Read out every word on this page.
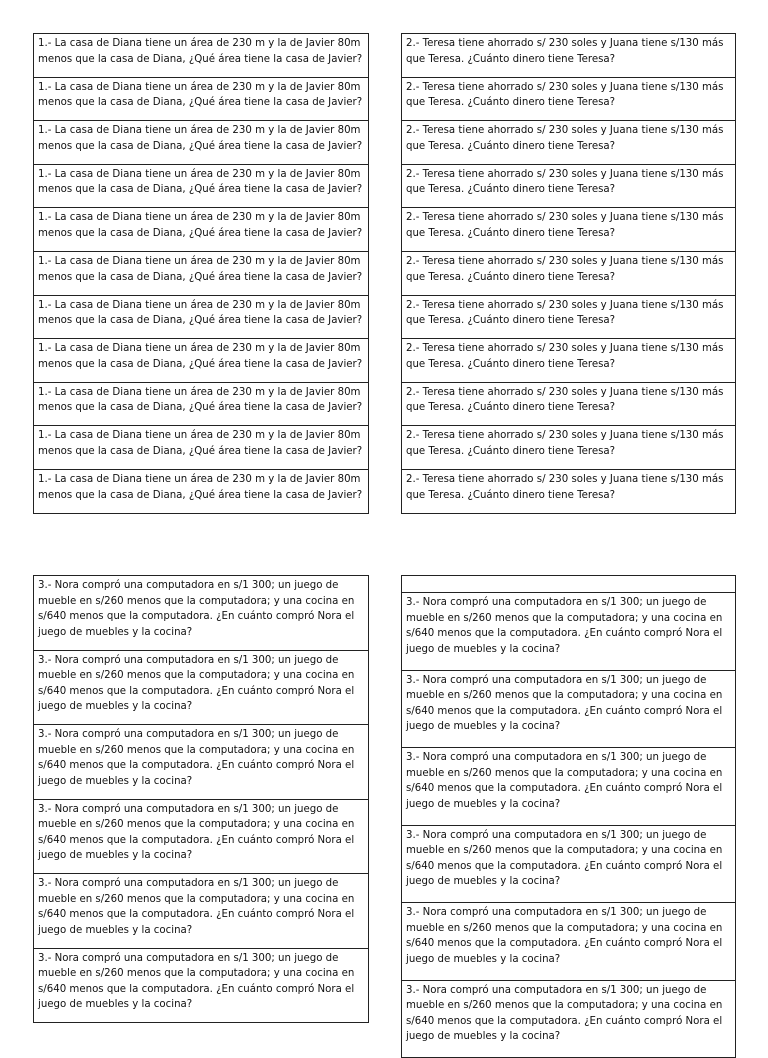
1.- La casa de Diana tiene un área de 230 m y la de Javier 80m menos que la casa de Diana, ¿Qué área tiene la casa de Javier?
1.- La casa de Diana tiene un área de 230 m y la de Javier 80m menos que la casa de Diana, ¿Qué área tiene la casa de Javier?
1.- La casa de Diana tiene un área de 230 m y la de Javier 80m menos que la casa de Diana, ¿Qué área tiene la casa de Javier?
1.- La casa de Diana tiene un área de 230 m y la de Javier 80m menos que la casa de Diana, ¿Qué área tiene la casa de Javier?
1.- La casa de Diana tiene un área de 230 m y la de Javier 80m menos que la casa de Diana, ¿Qué área tiene la casa de Javier?
1.- La casa de Diana tiene un área de 230 m y la de Javier 80m menos que la casa de Diana, ¿Qué área tiene la casa de Javier?
1.- La casa de Diana tiene un área de 230 m y la de Javier 80m menos que la casa de Diana, ¿Qué área tiene la casa de Javier?
1.- La casa de Diana tiene un área de 230 m y la de Javier 80m menos que la casa de Diana, ¿Qué área tiene la casa de Javier?
1.- La casa de Diana tiene un área de 230 m y la de Javier 80m menos que la casa de Diana, ¿Qué área tiene la casa de Javier?
1.- La casa de Diana tiene un área de 230 m y la de Javier 80m menos que la casa de Diana, ¿Qué área tiene la casa de Javier?
1.- La casa de Diana tiene un área de 230 m y la de Javier 80m menos que la casa de Diana, ¿Qué área tiene la casa de Javier?
2.- Teresa tiene ahorrado s/ 230 soles y Juana tiene s/130 más que Teresa. ¿Cuánto dinero tiene Teresa?
2.- Teresa tiene ahorrado s/ 230 soles y Juana tiene s/130 más que Teresa. ¿Cuánto dinero tiene Teresa?
2.- Teresa tiene ahorrado s/ 230 soles y Juana tiene s/130 más que Teresa. ¿Cuánto dinero tiene Teresa?
2.- Teresa tiene ahorrado s/ 230 soles y Juana tiene s/130 más que Teresa. ¿Cuánto dinero tiene Teresa?
2.- Teresa tiene ahorrado s/ 230 soles y Juana tiene s/130 más que Teresa. ¿Cuánto dinero tiene Teresa?
2.- Teresa tiene ahorrado s/ 230 soles y Juana tiene s/130 más que Teresa. ¿Cuánto dinero tiene Teresa?
2.- Teresa tiene ahorrado s/ 230 soles y Juana tiene s/130 más que Teresa. ¿Cuánto dinero tiene Teresa?
2.- Teresa tiene ahorrado s/ 230 soles y Juana tiene s/130 más que Teresa. ¿Cuánto dinero tiene Teresa?
2.- Teresa tiene ahorrado s/ 230 soles y Juana tiene s/130 más que Teresa. ¿Cuánto dinero tiene Teresa?
2.- Teresa tiene ahorrado s/ 230 soles y Juana tiene s/130 más que Teresa. ¿Cuánto dinero tiene Teresa?
2.- Teresa tiene ahorrado s/ 230 soles y Juana tiene s/130 más que Teresa. ¿Cuánto dinero tiene Teresa?
3.- Nora compró una computadora en s/1 300; un juego de mueble en s/260 menos que la computadora; y una cocina en s/640 menos que la computadora. ¿En cuánto compró Nora el juego de muebles y la cocina?
3.- Nora compró una computadora en s/1 300; un juego de mueble en s/260 menos que la computadora; y una cocina en s/640 menos que la computadora. ¿En cuánto compró Nora el juego de muebles y la cocina?
3.- Nora compró una computadora en s/1 300; un juego de mueble en s/260 menos que la computadora; y una cocina en s/640 menos que la computadora. ¿En cuánto compró Nora el juego de muebles y la cocina?
3.- Nora compró una computadora en s/1 300; un juego de mueble en s/260 menos que la computadora; y una cocina en s/640 menos que la computadora. ¿En cuánto compró Nora el juego de muebles y la cocina?
3.- Nora compró una computadora en s/1 300; un juego de mueble en s/260 menos que la computadora; y una cocina en s/640 menos que la computadora. ¿En cuánto compró Nora el juego de muebles y la cocina?
3.- Nora compró una computadora en s/1 300; un juego de mueble en s/260 menos que la computadora; y una cocina en s/640 menos que la computadora. ¿En cuánto compró Nora el juego de muebles y la cocina?
3.- Nora compró una computadora en s/1 300; un juego de mueble en s/260 menos que la computadora; y una cocina en s/640 menos que la computadora. ¿En cuánto compró Nora el juego de muebles y la cocina?
3.- Nora compró una computadora en s/1 300; un juego de mueble en s/260 menos que la computadora; y una cocina en s/640 menos que la computadora. ¿En cuánto compró Nora el juego de muebles y la cocina?
3.- Nora compró una computadora en s/1 300; un juego de mueble en s/260 menos que la computadora; y una cocina en s/640 menos que la computadora. ¿En cuánto compró Nora el juego de muebles y la cocina?
3.- Nora compró una computadora en s/1 300; un juego de mueble en s/260 menos que la computadora; y una cocina en s/640 menos que la computadora. ¿En cuánto compró Nora el juego de muebles y la cocina?
3.- Nora compró una computadora en s/1 300; un juego de mueble en s/260 menos que la computadora; y una cocina en s/640 menos que la computadora. ¿En cuánto compró Nora el juego de muebles y la cocina?
3.- Nora compró una computadora en s/1 300; un juego de mueble en s/260 menos que la computadora; y una cocina en s/640 menos que la computadora. ¿En cuánto compró Nora el juego de muebles y la cocina?
